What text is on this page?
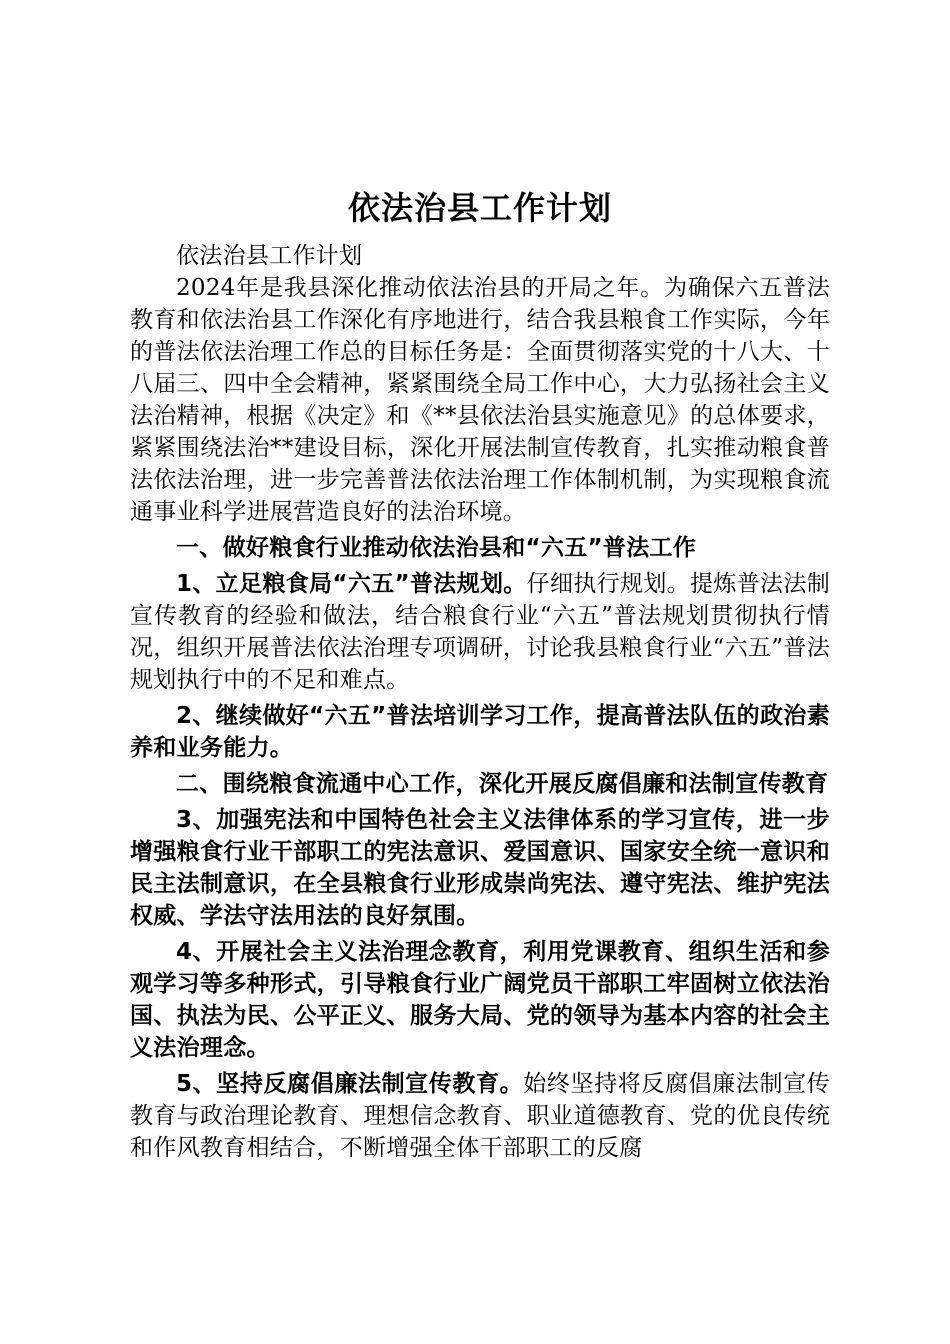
依法治县工作计划

依法治县工作计划

2024年是我县深化推动依法治县的开局之年。为确保六五普法教育和依法治县工作深化有序地进行，结合我县粮食工作实际，今年的普法依法治理工作总的目标任务是：全面贯彻落实党的十八大、十八届三、四中全会精神，紧紧围绕全局工作中心，大力弘扬社会主义法治精神，根据《决定》和《**县依法治县实施意见》的总体要求，紧紧围绕法治**建设目标，深化开展法制宣传教育，扎实推动粮食普法依法治理，进一步完善普法依法治理工作体制机制，为实现粮食流通事业科学进展营造良好的法治环境。

一、做好粮食行业推动依法治县和“六五”普法工作

1、立足粮食局“六五”普法规划。仔细执行规划。提炼普法法制宣传教育的经验和做法，结合粮食行业“六五”普法规划贯彻执行情况，组织开展普法依法治理专项调研，讨论我县粮食行业“六五”普法规划执行中的不足和难点。

2、继续做好“六五”普法培训学习工作，提高普法队伍的政治素养和业务能力。

二、围绕粮食流通中心工作，深化开展反腐倡廉和法制宣传教育

3、加强宪法和中国特色社会主义法律体系的学习宣传，进一步增强粮食行业干部职工的宪法意识、爱国意识、国家安全统一意识和民主法制意识，在全县粮食行业形成崇尚宪法、遵守宪法、维护宪法权威、学法守法用法的良好氛围。

4、开展社会主义法治理念教育，利用党课教育、组织生活和参观学习等多种形式，引导粮食行业广阔党员干部职工牢固树立依法治国、执法为民、公平正义、服务大局、党的领导为基本内容的社会主义法治理念。

5、坚持反腐倡廉法制宣传教育。始终坚持将反腐倡廉法制宣传教育与政治理论教育、理想信念教育、职业道德教育、党的优良传统和作风教育相结合，不断增强全体干部职工的反腐
